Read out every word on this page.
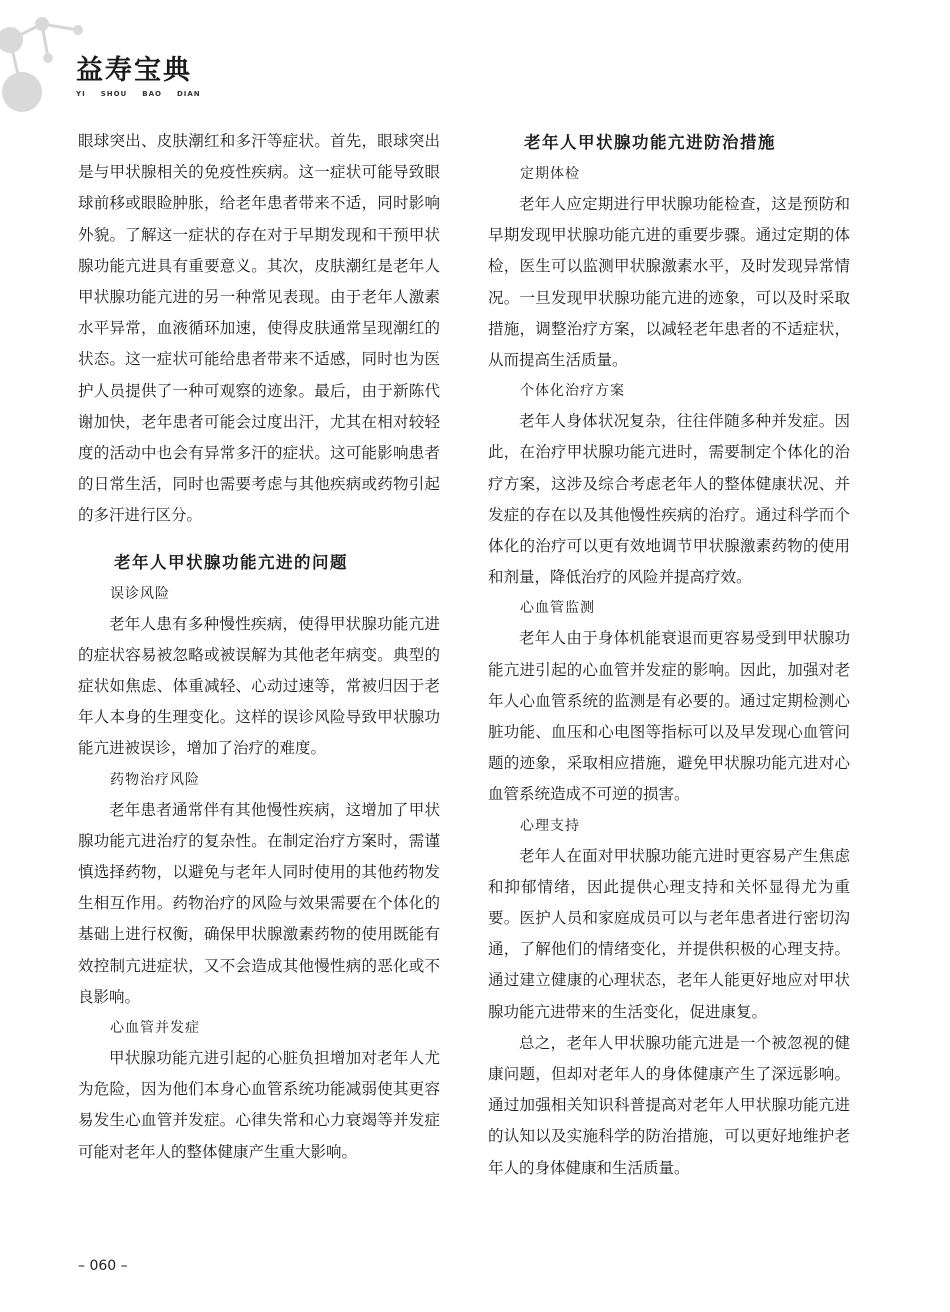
益寿宝典
YI SHOU BAO DIAN

眼球突出、皮肤潮红和多汗等症状。首先，眼球突出是与甲状腺相关的免疫性疾病。这一症状可能导致眼球前移或眼睑肿胀，给老年患者带来不适，同时影响外貌。了解这一症状的存在对于早期发现和干预甲状腺功能亢进具有重要意义。其次，皮肤潮红是老年人甲状腺功能亢进的另一种常见表现。由于老年人激素水平异常，血液循环加速，使得皮肤通常呈现潮红的状态。这一症状可能给患者带来不适感，同时也为医护人员提供了一种可观察的迹象。最后，由于新陈代谢加快，老年患者可能会过度出汗，尤其在相对较轻度的活动中也会有异常多汗的症状。这可能影响患者的日常生活，同时也需要考虑与其他疾病或药物引起的多汗进行区分。

老年人甲状腺功能亢进的问题
误诊风险

老年人患有多种慢性疾病，使得甲状腺功能亢进的症状容易被忽略或被误解为其他老年病变。典型的症状如焦虑、体重减轻、心动过速等，常被归因于老年人本身的生理变化。这样的误诊风险导致甲状腺功能亢进被误诊，增加了治疗的难度。

药物治疗风险

老年患者通常伴有其他慢性疾病，这增加了甲状腺功能亢进治疗的复杂性。在制定治疗方案时，需谨慎选择药物，以避免与老年人同时使用的其他药物发生相互作用。药物治疗的风险与效果需要在个体化的基础上进行权衡，确保甲状腺激素药物的使用既能有效控制亢进症状，又不会造成其他慢性病的恶化或不良影响。

心血管并发症

甲状腺功能亢进引起的心脏负担增加对老年人尤为危险，因为他们本身心血管系统功能减弱使其更容易发生心血管并发症。心律失常和心力衰竭等并发症可能对老年人的整体健康产生重大影响。

老年人甲状腺功能亢进防治措施
定期体检

老年人应定期进行甲状腺功能检查，这是预防和早期发现甲状腺功能亢进的重要步骤。通过定期的体检，医生可以监测甲状腺激素水平，及时发现异常情况。一旦发现甲状腺功能亢进的迹象，可以及时采取措施，调整治疗方案，以减轻老年患者的不适症状，从而提高生活质量。

个体化治疗方案

老年人身体状况复杂，往往伴随多种并发症。因此，在治疗甲状腺功能亢进时，需要制定个体化的治疗方案，这涉及综合考虑老年人的整体健康状况、并发症的存在以及其他慢性疾病的治疗。通过科学而个体化的治疗可以更有效地调节甲状腺激素药物的使用和剂量，降低治疗的风险并提高疗效。

心血管监测

老年人由于身体机能衰退而更容易受到甲状腺功能亢进引起的心血管并发症的影响。因此，加强对老年人心血管系统的监测是有必要的。通过定期检测心脏功能、血压和心电图等指标可以及早发现心血管问题的迹象，采取相应措施，避免甲状腺功能亢进对心血管系统造成不可逆的损害。

心理支持

老年人在面对甲状腺功能亢进时更容易产生焦虑和抑郁情绪，因此提供心理支持和关怀显得尤为重要。医护人员和家庭成员可以与老年患者进行密切沟通，了解他们的情绪变化，并提供积极的心理支持。通过建立健康的心理状态，老年人能更好地应对甲状腺功能亢进带来的生活变化，促进康复。

总之，老年人甲状腺功能亢进是一个被忽视的健康问题，但却对老年人的身体健康产生了深远影响。通过加强相关知识科普提高对老年人甲状腺功能亢进的认知以及实施科学的防治措施，可以更好地维护老年人的身体健康和生活质量。

– 060 –
